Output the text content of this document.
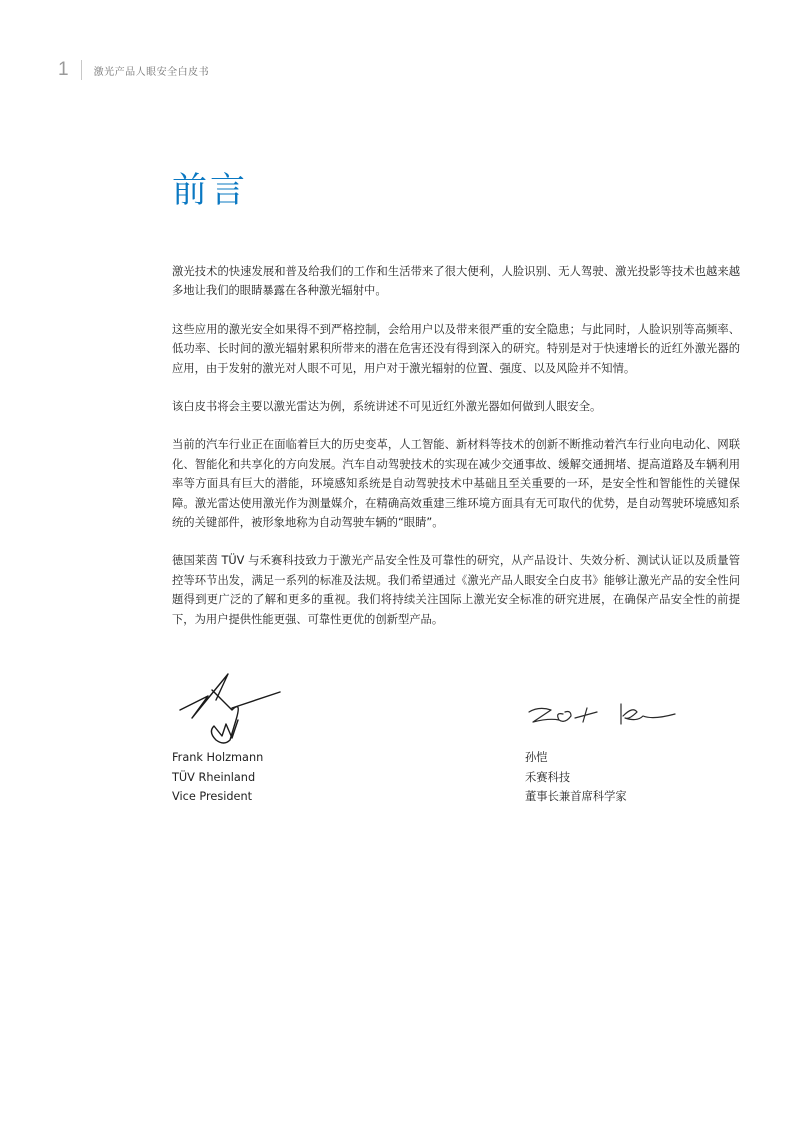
1	激光产品人眼安全白皮书
前言

激光技术的快速发展和普及给我们的工作和生活带来了很大便利，人脸识别、无人驾驶、激光投影等技术也越来越多地让我们的眼睛暴露在各种激光辐射中。

这些应用的激光安全如果得不到严格控制，会给用户以及带来很严重的安全隐患；与此同时，人脸识别等高频率、低功率、长时间的激光辐射累积所带来的潜在危害还没有得到深入的研究。特别是对于快速增长的近红外激光器的应用，由于发射的激光对人眼不可见，用户对于激光辐射的位置、强度、以及风险并不知情。

该白皮书将会主要以激光雷达为例，系统讲述不可见近红外激光器如何做到人眼安全。

当前的汽车行业正在面临着巨大的历史变革，人工智能、新材料等技术的创新不断推动着汽车行业向电动化、网联化、智能化和共享化的方向发展。汽车自动驾驶技术的实现在减少交通事故、缓解交通拥堵、提高道路及车辆利用率等方面具有巨大的潜能，环境感知系统是自动驾驶技术中基础且至关重要的一环，是安全性和智能性的关键保障。激光雷达使用激光作为测量媒介，在精确高效重建三维环境方面具有无可取代的优势，是自动驾驶环境感知系统的关键部件，被形象地称为自动驾驶车辆的“眼睛”。

德国莱茵 TÜV 与禾赛科技致力于激光产品安全性及可靠性的研究，从产品设计、失效分析、测试认证以及质量管控等环节出发，满足一系列的标准及法规。我们希望通过《激光产品人眼安全白皮书》能够让激光产品的安全性问题得到更广泛的了解和更多的重视。我们将持续关注国际上激光安全标准的研究进展，在确保产品安全性的前提下，为用户提供性能更强、可靠性更优的创新型产品。

Frank Holzmann

TÜV Rheinland

Vice President

孙恺

禾赛科技

董事长兼首席科学家
